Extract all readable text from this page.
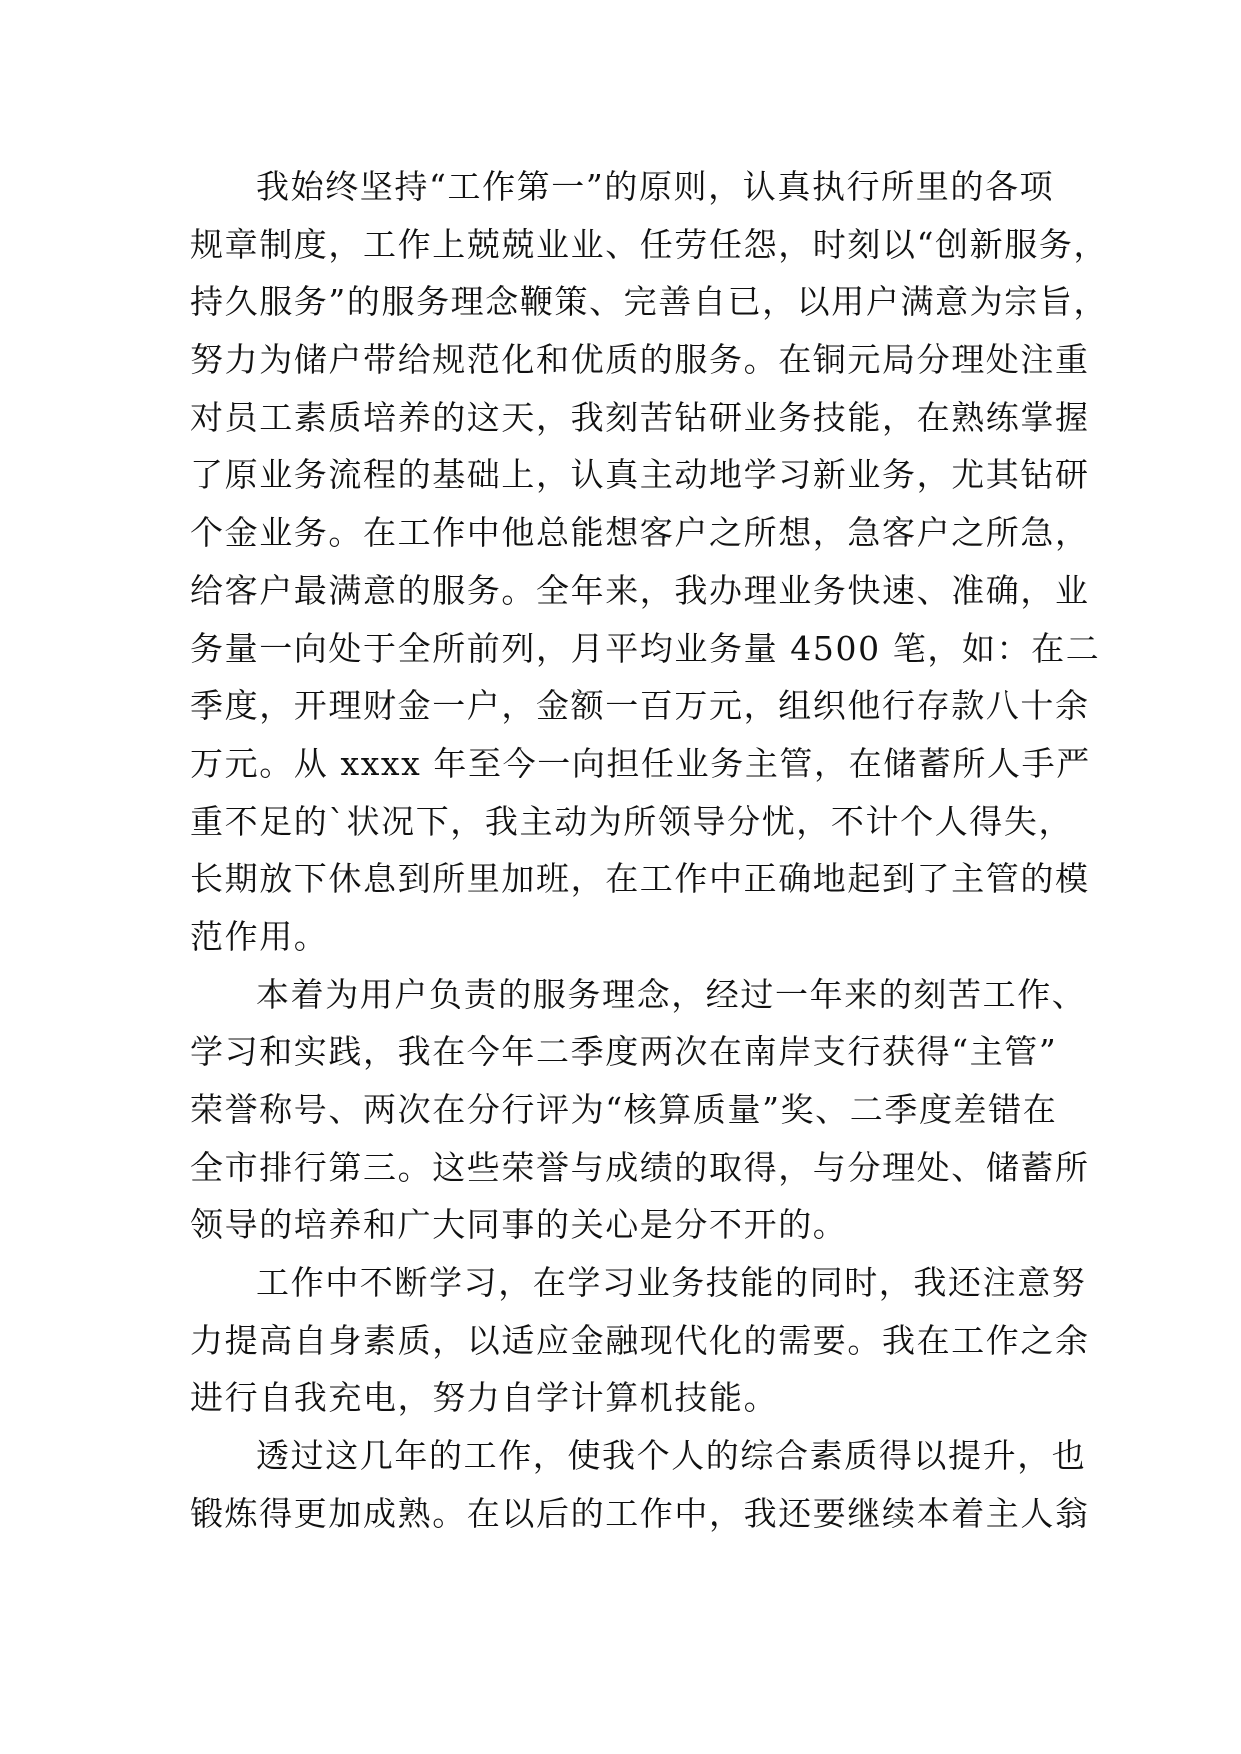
我始终坚持“工作第一”的原则，认真执行所里的各项
规章制度，工作上兢兢业业、任劳任怨，时刻以“创新服务，
持久服务”的服务理念鞭策、完善自已，以用户满意为宗旨，
努力为储户带给规范化和优质的服务。在铜元局分理处注重
对员工素质培养的这天，我刻苦钻研业务技能，在熟练掌握
了原业务流程的基础上，认真主动地学习新业务，尤其钻研
个金业务。在工作中他总能想客户之所想，急客户之所急，
给客户最满意的服务。全年来，我办理业务快速、准确，业
务量一向处于全所前列，月平均业务量 4500 笔，如：在二
季度，开理财金一户，金额一百万元，组织他行存款八十余
万元。从 xxxx 年至今一向担任业务主管，在储蓄所人手严
重不足的`状况下，我主动为所领导分忧，不计个人得失，
长期放下休息到所里加班，在工作中正确地起到了主管的模
范作用。
本着为用户负责的服务理念，经过一年来的刻苦工作、
学习和实践，我在今年二季度两次在南岸支行获得“主管”
荣誉称号、两次在分行评为“核算质量”奖、二季度差错在
全市排行第三。这些荣誉与成绩的取得，与分理处、储蓄所
领导的培养和广大同事的关心是分不开的。
工作中不断学习，在学习业务技能的同时，我还注意努
力提高自身素质，以适应金融现代化的需要。我在工作之余
进行自我充电，努力自学计算机技能。
透过这几年的工作，使我个人的综合素质得以提升，也
锻炼得更加成熟。在以后的工作中，我还要继续本着主人翁
